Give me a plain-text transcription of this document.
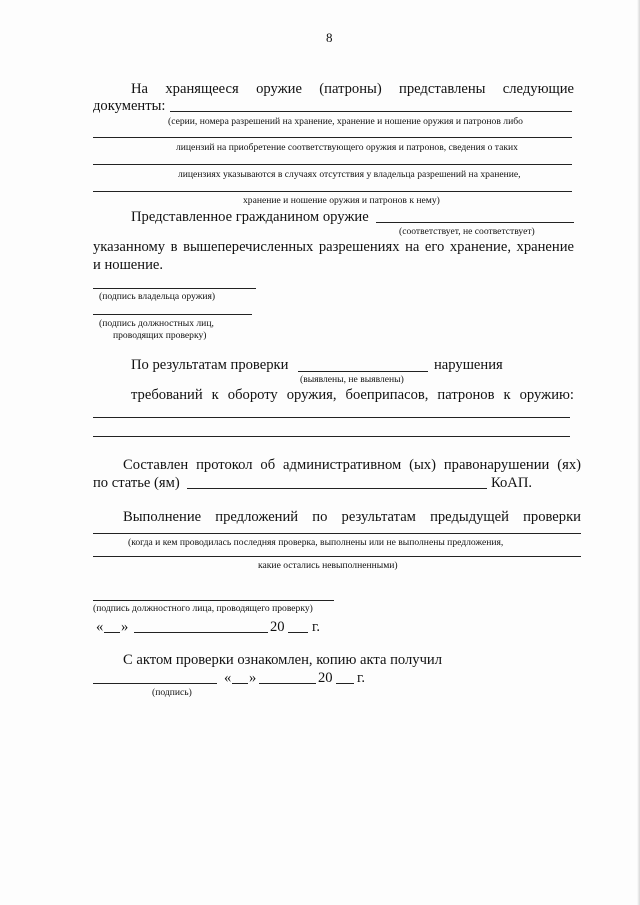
8
На хранящееся оружие (патроны) представлены следующие
документы:
(серии, номера разрешений на хранение, хранение и ношение оружия и патронов либо
лицензий на приобретение соответствующего оружия и патронов, сведения о таких
лицензиях указываются в случаях отсутствия у владельца разрешений на хранение,
хранение и ношение оружия и патронов к нему)
Представленное гражданином оружие
(соответствует, не соответствует)
указанному в вышеперечисленных разрешениях на его хранение, хранение
и ношение.
(подпись владельца оружия)
(подпись должностных лиц,
проводящих проверку)
По результатам проверки	нарушения
(выявлены, не выявлены)
требований к обороту оружия, боеприпасов, патронов к оружию:
Составлен протокол об административном (ых) правонарушении (ях)
по статье (ям)	КоАП.
Выполнение предложений по результатам предыдущей проверки
(когда и кем проводилась последняя проверка, выполнены или не выполнены предложения,
какие остались невыполненными)
(подпись должностного лица, проводящего проверку)
« »	20 г.
С актом проверки ознакомлен, копию акта получил
« »	20 г.
(подпись)
